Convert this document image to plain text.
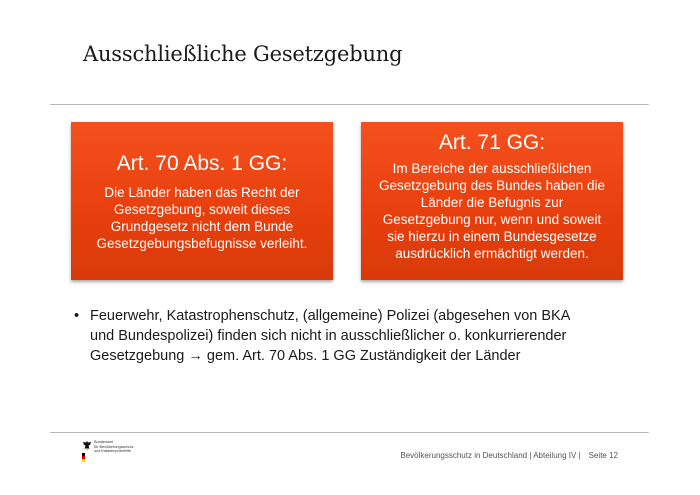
Ausschließliche Gesetzgebung
Art. 70 Abs. 1 GG:
Die Länder haben das Recht der
Gesetzgebung, soweit dieses
Grundgesetz nicht dem Bunde
Gesetzgebungsbefugnisse verleiht.
Art. 71 GG:
Im Bereiche der ausschließlichen
Gesetzgebung des Bundes haben die
Länder die Befugnis zur
Gesetzgebung nur, wenn und soweit
sie hierzu in einem Bundesgesetze
ausdrücklich ermächtigt werden.
• Feuerwehr, Katastrophenschutz, (allgemeine) Polizei (abgesehen von BKA
und Bundespolizei) finden sich nicht in ausschließlicher o. konkurrierender
Gesetzgebung → gem. Art. 70 Abs. 1 GG Zuständigkeit der Länder
Bundesamt
für Bevölkerungsschutz
und Katastrophenhilfe	Bevölkerungsschutz in Deutschland | Abteilung IV | Seite 12
